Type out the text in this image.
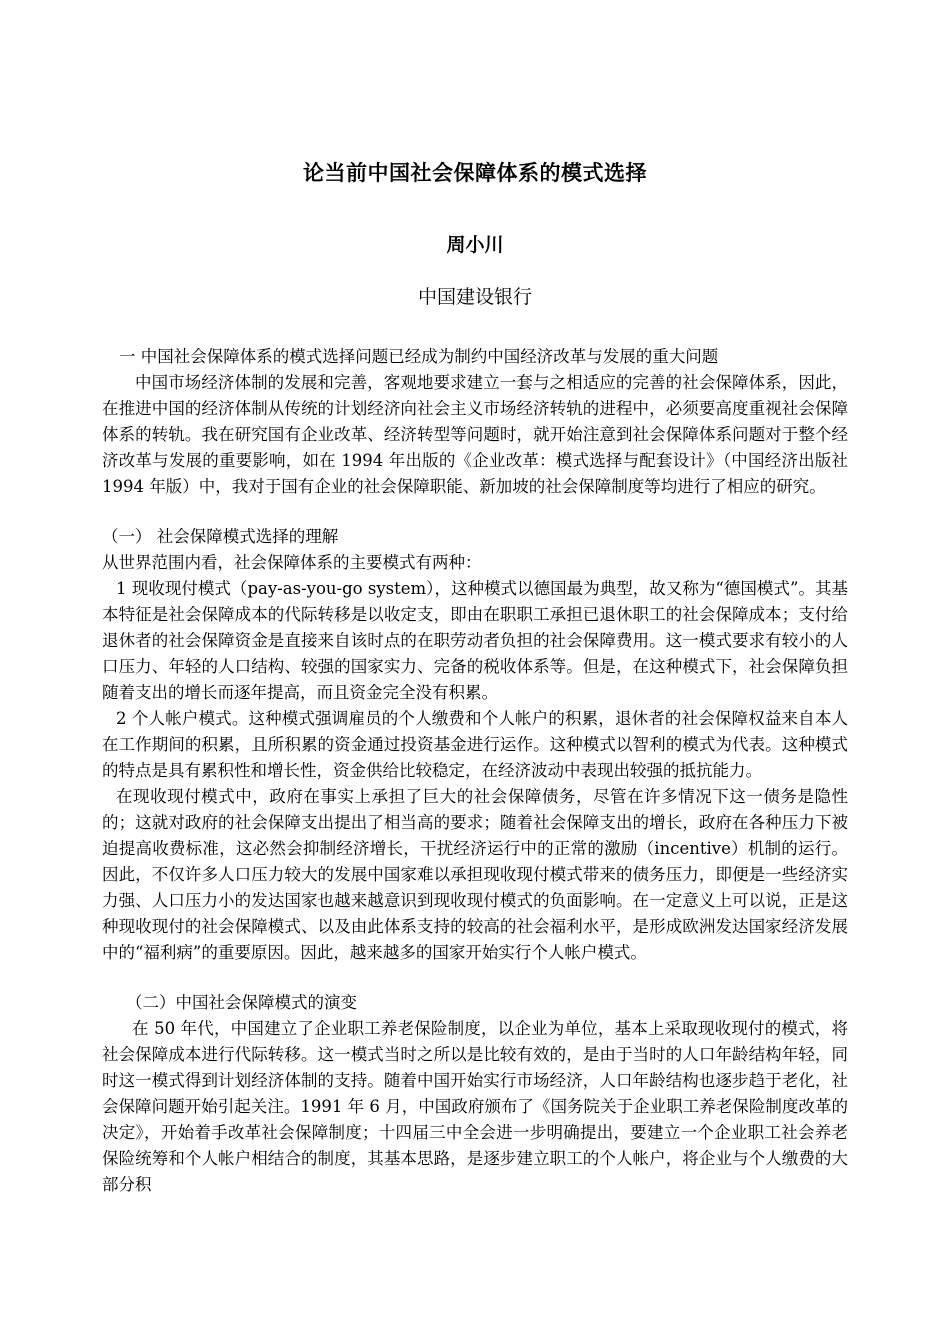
论当前中国社会保障体系的模式选择
周小川
中国建设银行

一 中国社会保障体系的模式选择问题已经成为制约中国经济改革与发展的重大问题

中国市场经济体制的发展和完善，客观地要求建立一套与之相适应的完善的社会保障体系，因此，在推进中国的经济体制从传统的计划经济向社会主义市场经济转轨的进程中，必须要高度重视社会保障体系的转轨。我在研究国有企业改革、经济转型等问题时，就开始注意到社会保障体系问题对于整个经济改革与发展的重要影响，如在 1994 年出版的《企业改革：模式选择与配套设计》（中国经济出版社 1994 年版）中，我对于国有企业的社会保障职能、新加坡的社会保障制度等均进行了相应的研究。

（一） 社会保障模式选择的理解

从世界范围内看，社会保障体系的主要模式有两种：

1 现收现付模式（pay-as-you-go system），这种模式以德国最为典型，故又称为“德国模式”。其基本特征是社会保障成本的代际转移是以收定支，即由在职职工承担已退休职工的社会保障成本；支付给退休者的社会保障资金是直接来自该时点的在职劳动者负担的社会保障费用。这一模式要求有较小的人口压力、年轻的人口结构、较强的国家实力、完备的税收体系等。但是，在这种模式下，社会保障负担随着支出的增长而逐年提高，而且资金完全没有积累。

2 个人帐户模式。这种模式强调雇员的个人缴费和个人帐户的积累，退休者的社会保障权益来自本人在工作期间的积累，且所积累的资金通过投资基金进行运作。这种模式以智利的模式为代表。这种模式的特点是具有累积性和增长性，资金供给比较稳定，在经济波动中表现出较强的抵抗能力。

在现收现付模式中，政府在事实上承担了巨大的社会保障债务，尽管在许多情况下这一债务是隐性的；这就对政府的社会保障支出提出了相当高的要求；随着社会保障支出的增长，政府在各种压力下被迫提高收费标准，这必然会抑制经济增长，干扰经济运行中的正常的激励（incentive）机制的运行。因此，不仅许多人口压力较大的发展中国家难以承担现收现付模式带来的债务压力，即便是一些经济实力强、人口压力小的发达国家也越来越意识到现收现付模式的负面影响。在一定意义上可以说，正是这种现收现付的社会保障模式、以及由此体系支持的较高的社会福利水平，是形成欧洲发达国家经济发展中的“福利病”的重要原因。因此，越来越多的国家开始实行个人帐户模式。

（二）中国社会保障模式的演变

在 50 年代，中国建立了企业职工养老保险制度，以企业为单位，基本上采取现收现付的模式，将社会保障成本进行代际转移。这一模式当时之所以是比较有效的，是由于当时的人口年龄结构年轻，同时这一模式得到计划经济体制的支持。随着中国开始实行市场经济，人口年龄结构也逐步趋于老化，社会保障问题开始引起关注。1991 年 6 月，中国政府颁布了《国务院关于企业职工养老保险制度改革的决定》，开始着手改革社会保障制度；十四届三中全会进一步明确提出，要建立一个企业职工社会养老保险统筹和个人帐户相结合的制度，其基本思路，是逐步建立职工的个人帐户，将企业与个人缴费的大部分积
